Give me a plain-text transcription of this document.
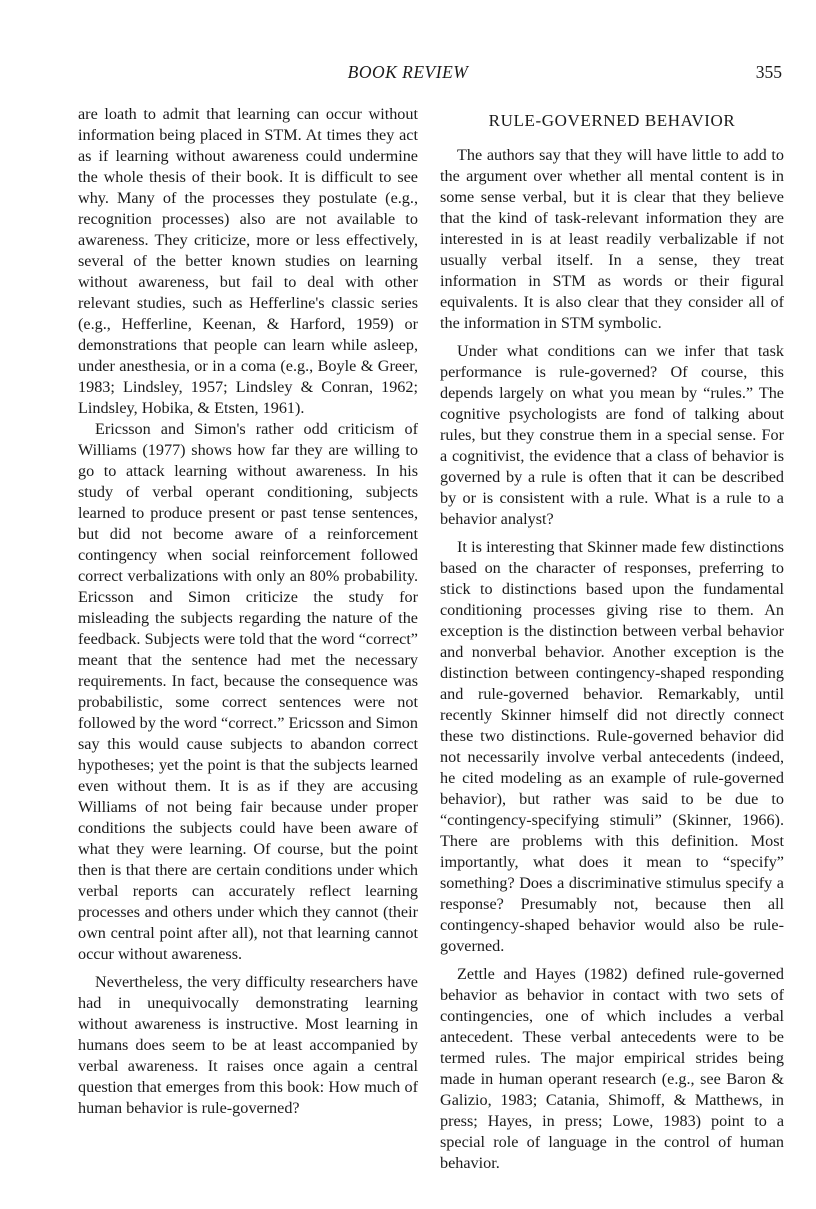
BOOK REVIEW	355

are loath to admit that learning can occur without information being placed in STM. At times they act as if learning without awareness could undermine the whole thesis of their book. It is difficult to see why. Many of the processes they postulate (e.g., recognition processes) also are not available to awareness. They criticize, more or less effectively, several of the better known studies on learning without awareness, but fail to deal with other relevant studies, such as Hefferline's classic series (e.g., Hefferline, Keenan, & Harford, 1959) or demonstrations that people can learn while asleep, under anesthesia, or in a coma (e.g., Boyle & Greer, 1983; Lindsley, 1957; Lindsley & Conran, 1962; Lindsley, Hobika, & Etsten, 1961).

Ericsson and Simon's rather odd criticism of Williams (1977) shows how far they are willing to go to attack learning without awareness. In his study of verbal operant conditioning, subjects learned to produce present or past tense sentences, but did not become aware of a reinforcement contingency when social reinforcement followed correct verbalizations with only an 80% probability. Ericsson and Simon criticize the study for misleading the subjects regarding the nature of the feedback. Subjects were told that the word “correct” meant that the sentence had met the necessary requirements. In fact, because the consequence was probabilistic, some correct sentences were not followed by the word “correct.” Ericsson and Simon say this would cause subjects to abandon correct hypotheses; yet the point is that the subjects learned even without them. It is as if they are accusing Williams of not being fair because under proper conditions the subjects could have been aware of what they were learning. Of course, but the point then is that there are certain conditions under which verbal reports can accurately reflect learning processes and others under which they cannot (their own central point after all), not that learning cannot occur without awareness.

Nevertheless, the very difficulty researchers have had in unequivocally demonstrating learning without awareness is instructive. Most learning in humans does seem to be at least accompanied by verbal awareness. It raises once again a central question that emerges from this book: How much of human behavior is rule-governed?

RULE-GOVERNED BEHAVIOR

The authors say that they will have little to add to the argument over whether all mental content is in some sense verbal, but it is clear that they believe that the kind of task-relevant information they are interested in is at least readily verbalizable if not usually verbal itself. In a sense, they treat information in STM as words or their figural equivalents. It is also clear that they consider all of the information in STM symbolic.

Under what conditions can we infer that task performance is rule-governed? Of course, this depends largely on what you mean by “rules.” The cognitive psychologists are fond of talking about rules, but they construe them in a special sense. For a cognitivist, the evidence that a class of behavior is governed by a rule is often that it can be described by or is consistent with a rule. What is a rule to a behavior analyst?

It is interesting that Skinner made few distinctions based on the character of responses, preferring to stick to distinctions based upon the fundamental conditioning processes giving rise to them. An exception is the distinction between verbal behavior and nonverbal behavior. Another exception is the distinction between contingency-shaped responding and rule-governed behavior. Remarkably, until recently Skinner himself did not directly connect these two distinctions. Rule-governed behavior did not necessarily involve verbal antecedents (indeed, he cited modeling as an example of rule-governed behavior), but rather was said to be due to “contingency-specifying stimuli” (Skinner, 1966). There are problems with this definition. Most importantly, what does it mean to “specify” something? Does a discriminative stimulus specify a response? Presumably not, because then all contingency-shaped behavior would also be rule-governed.

Zettle and Hayes (1982) defined rule-governed behavior as behavior in contact with two sets of contingencies, one of which includes a verbal antecedent. These verbal antecedents were to be termed rules. The major empirical strides being made in human operant research (e.g., see Baron & Galizio, 1983; Catania, Shimoff, & Matthews, in press; Hayes, in press; Lowe, 1983) point to a special role of language in the control of human behavior.
